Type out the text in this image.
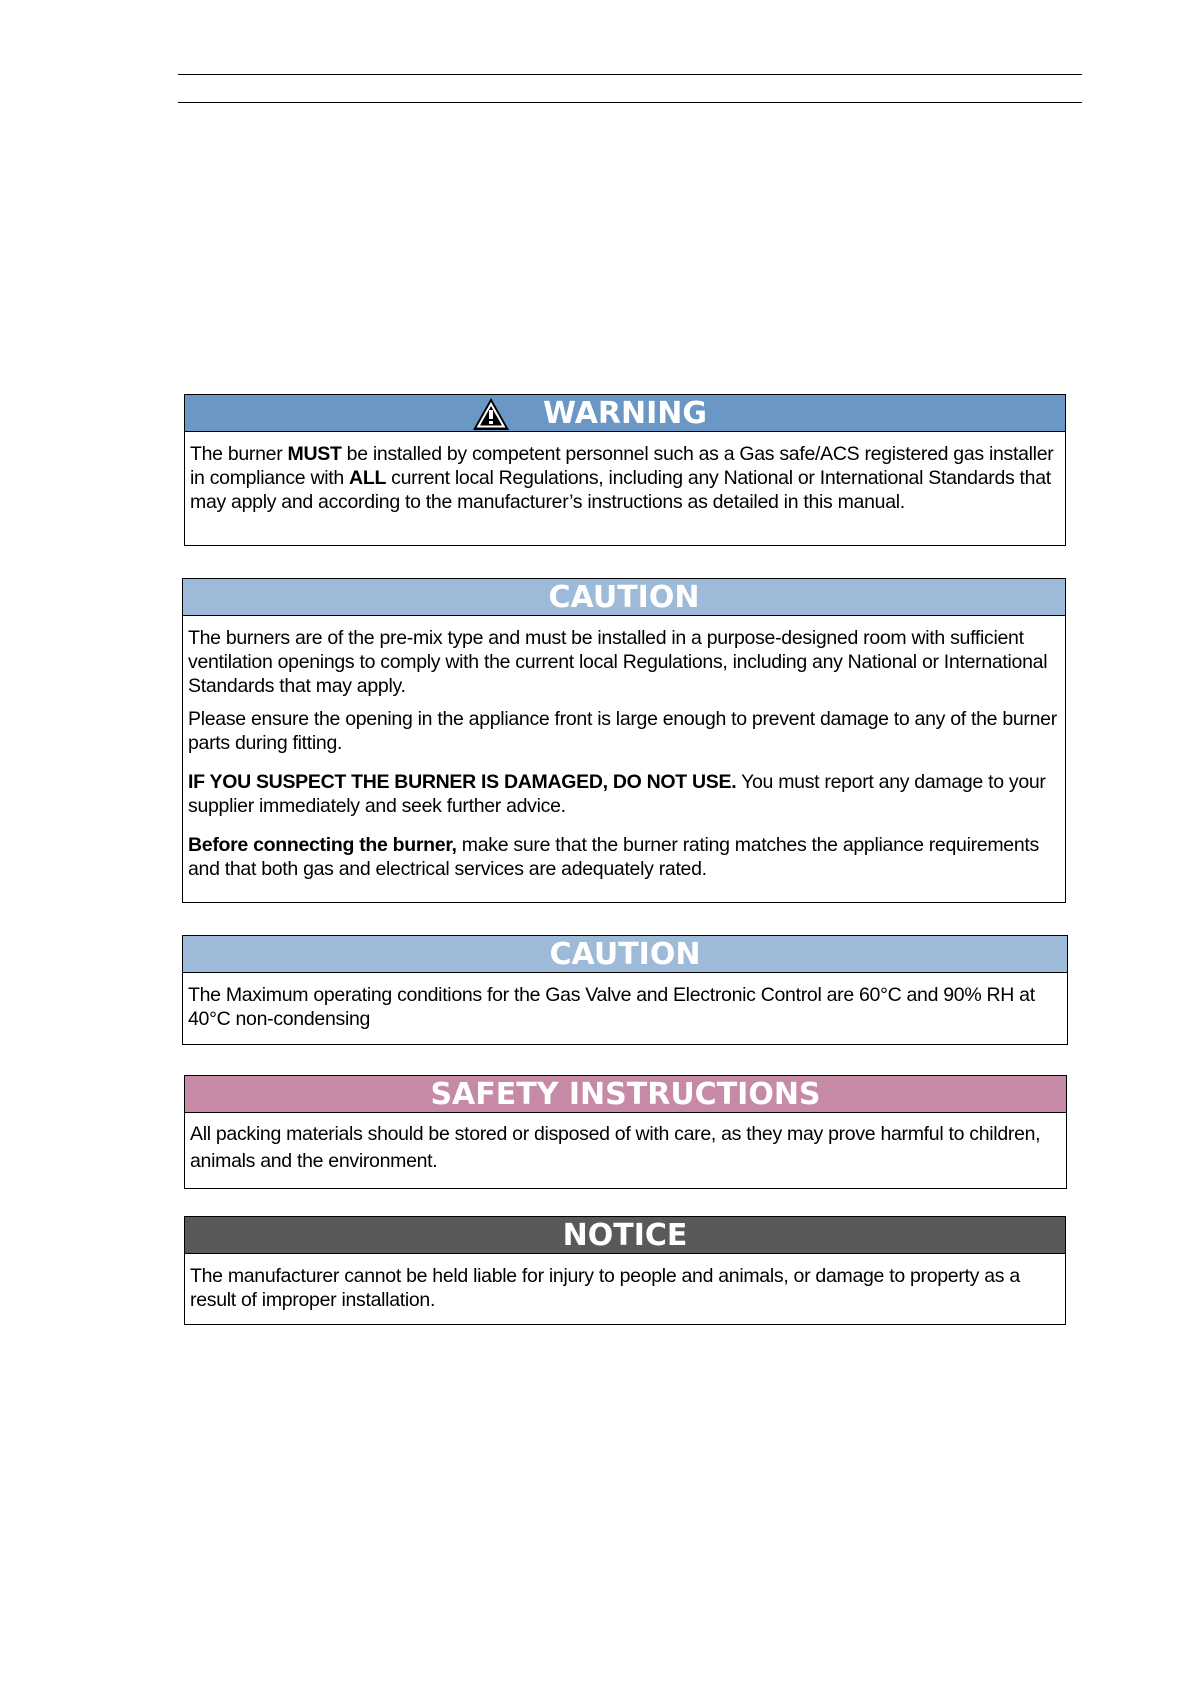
WARNING

The burner MUST be installed by competent personnel such as a Gas safe/ACS registered gas installer in compliance with ALL current local Regulations, including any National or International Standards that may apply and according to the manufacturer’s instructions as detailed in this manual.

CAUTION

The burners are of the pre-mix type and must be installed in a purpose-designed room with sufficient ventilation openings to comply with the current local Regulations, including any National or International Standards that may apply.

Please ensure the opening in the appliance front is large enough to prevent damage to any of the burner parts during fitting.

IF YOU SUSPECT THE BURNER IS DAMAGED, DO NOT USE. You must report any damage to your supplier immediately and seek further advice.

Before connecting the burner, make sure that the burner rating matches the appliance requirements and that both gas and electrical services are adequately rated.

CAUTION

The Maximum operating conditions for the Gas Valve and Electronic Control are 60°C and 90% RH at 40°C non-condensing

SAFETY INSTRUCTIONS

All packing materials should be stored or disposed of with care, as they may prove harmful to children, animals and the environment.

NOTICE

The manufacturer cannot be held liable for injury to people and animals, or damage to property as a result of improper installation.
